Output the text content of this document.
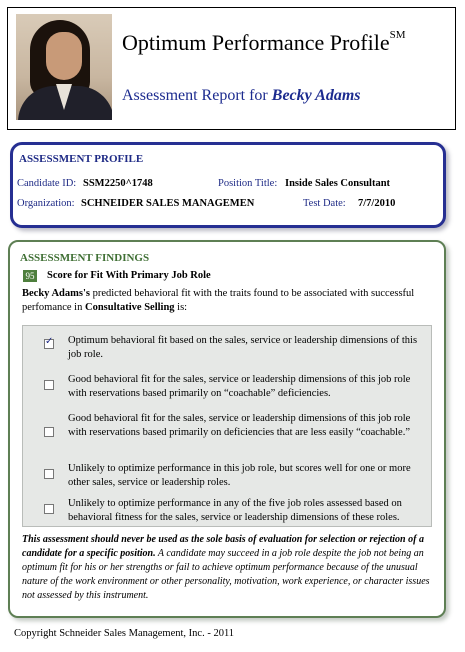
Optimum Performance Profile℠
Assessment Report for Becky Adams
ASSESSMENT PROFILE
Candidate ID: SSM2250^1748	Position Title: Inside Sales Consultant
Organization: SCHNEIDER SALES MANAGEMEN	Test Date: 7/7/2010
ASSESSMENT FINDINGS
95 Score for Fit With Primary Job Role
Becky Adams's predicted behavioral fit with the traits found to be associated with successful perfomance in Consultative Selling is:
✓
Optimum behavioral fit based on the sales, service or leadership dimensions of this job role.
Good behavioral fit for the sales, service or leadership dimensions of this job role with reservations based primarily on “coachable” deficiencies.
Good behavioral fit for the sales, service or leadership dimensions of this job role with reservations based primarily on deficiencies that are less easily “coachable.”
Unlikely to optimize performance in this job role, but scores well for one or more other sales, service or leadership roles.
Unlikely to optimize performance in any of the five job roles assessed based on behavioral fitness for the sales, service or leadership dimensions of these roles.
This assessment should never be used as the sole basis of evaluation for selection or rejection of a candidate for a specific position. A candidate may succeed in a job role despite the job not being an optimum fit for his or her strengths or fail to achieve optimum performance because of the unusual nature of the work environment or other personality, motivation, work experience, or character issues not assessed by this instrument.
Copyright Schneider Sales Management, Inc. - 2011
